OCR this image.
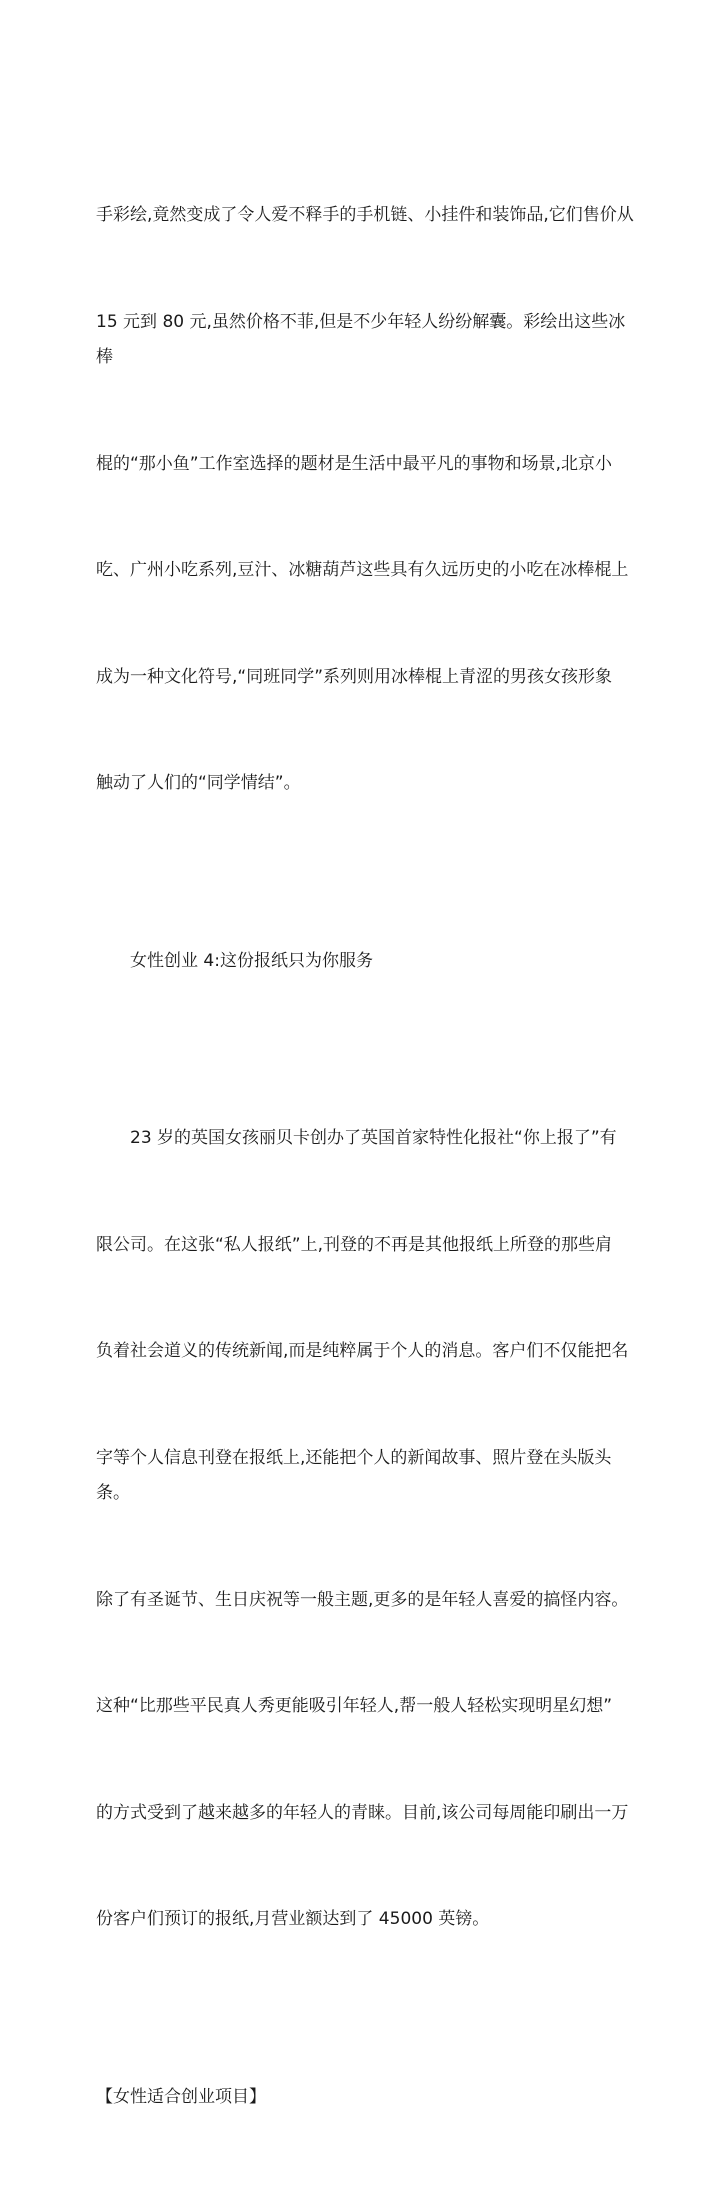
手彩绘,竟然变成了令人爱不释手的手机链、小挂件和装饰品,它们售价从

15 元到 80 元,虽然价格不菲,但是不少年轻人纷纷解囊。彩绘出这些冰棒

棍的“那小鱼”工作室选择的题材是生活中最平凡的事物和场景,北京小

吃、广州小吃系列,豆汁、冰糖葫芦这些具有久远历史的小吃在冰棒棍上

成为一种文化符号,“同班同学”系列则用冰棒棍上青涩的男孩女孩形象

触动了人们的“同学情结”。

女性创业 4:这份报纸只为你服务

23 岁的英国女孩丽贝卡创办了英国首家特性化报社“你上报了”有

限公司。在这张“私人报纸”上,刊登的不再是其他报纸上所登的那些肩

负着社会道义的传统新闻,而是纯粹属于个人的消息。客户们不仅能把名

字等个人信息刊登在报纸上,还能把个人的新闻故事、照片登在头版头条。

除了有圣诞节、生日庆祝等一般主题,更多的是年轻人喜爱的搞怪内容。

这种“比那些平民真人秀更能吸引年轻人,帮一般人轻松实现明星幻想”

的方式受到了越来越多的年轻人的青睐。目前,该公司每周能印刷出一万

份客户们预订的报纸,月营业额达到了 45000 英镑。

【女性适合创业项目】
